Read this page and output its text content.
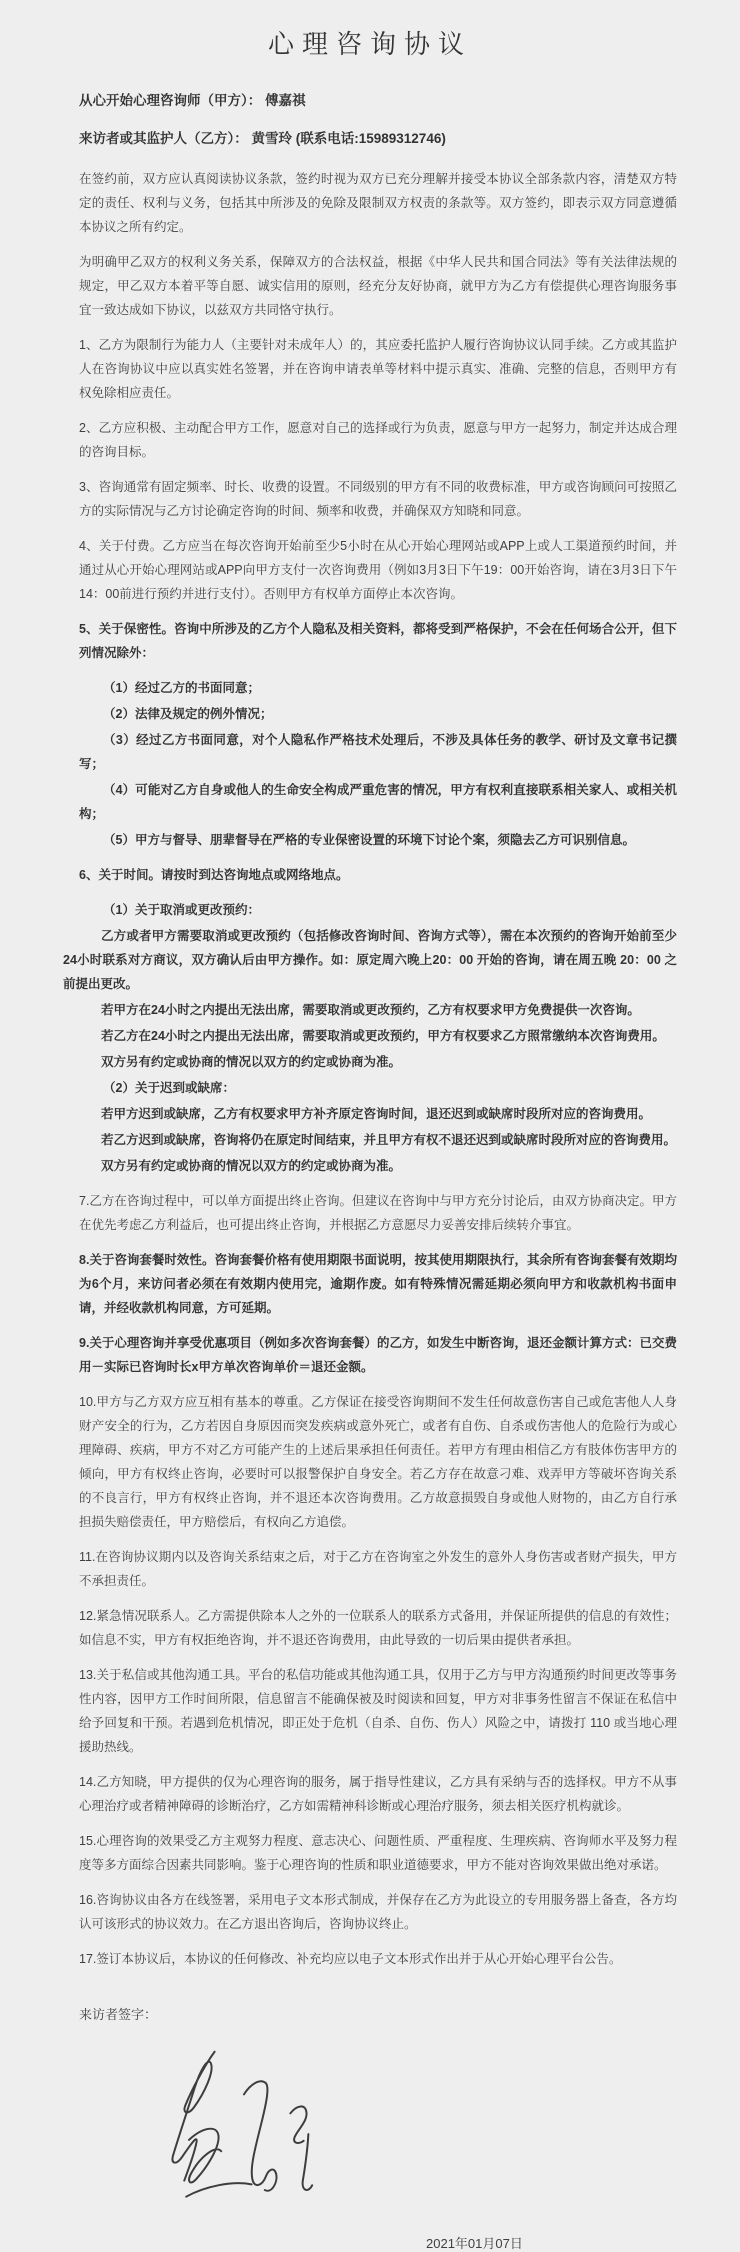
心理咨询协议

从心开始心理咨询师（甲方）： 傅嘉祺

来访者或其监护人（乙方）： 黄雪玲 (联系电话:15989312746)

在签约前，双方应认真阅读协议条款，签约时视为双方已充分理解并接受本协议全部条款内容，清楚双方特定的责任、权利与义务，包括其中所涉及的免除及限制双方权责的条款等。双方签约，即表示双方同意遵循本协议之所有约定。

为明确甲乙双方的权利义务关系，保障双方的合法权益，根据《中华人民共和国合同法》等有关法律法规的规定，甲乙双方本着平等自愿、诚实信用的原则，经充分友好协商，就甲方为乙方有偿提供心理咨询服务事宜一致达成如下协议，以兹双方共同恪守执行。

1、乙方为限制行为能力人（主要针对未成年人）的，其应委托监护人履行咨询协议认同手续。乙方或其监护人在咨询协议中应以真实姓名签署，并在咨询申请表单等材料中提示真实、准确、完整的信息，否则甲方有权免除相应责任。

2、乙方应积极、主动配合甲方工作，愿意对自己的选择或行为负责，愿意与甲方一起努力，制定并达成合理的咨询目标。

3、咨询通常有固定频率、时长、收费的设置。不同级别的甲方有不同的收费标准，甲方或咨询顾问可按照乙方的实际情况与乙方讨论确定咨询的时间、频率和收费，并确保双方知晓和同意。

4、关于付费。乙方应当在每次咨询开始前至少5小时在从心开始心理网站或APP上或人工渠道预约时间，并通过从心开始心理网站或APP向甲方支付一次咨询费用（例如3月3日下午19：00开始咨询，请在3月3日下午14：00前进行预约并进行支付）。否则甲方有权单方面停止本次咨询。

5、关于保密性。咨询中所涉及的乙方个人隐私及相关资料，都将受到严格保护，不会在任何场合公开，但下列情况除外：

（1）经过乙方的书面同意；

（2）法律及规定的例外情况；

（3）经过乙方书面同意，对个人隐私作严格技术处理后，不涉及具体任务的教学、研讨及文章书记撰写；

（4）可能对乙方自身或他人的生命安全构成严重危害的情况，甲方有权利直接联系相关家人、或相关机构；

（5）甲方与督导、朋辈督导在严格的专业保密设置的环境下讨论个案，须隐去乙方可识别信息。

6、关于时间。请按时到达咨询地点或网络地点。

（1）关于取消或更改预约：

乙方或者甲方需要取消或更改预约（包括修改咨询时间、咨询方式等），需在本次预约的咨询开始前至少24小时联系对方商议，双方确认后由甲方操作。如：原定周六晚上20：00 开始的咨询，请在周五晚 20：00 之前提出更改。

若甲方在24小时之内提出无法出席，需要取消或更改预约，乙方有权要求甲方免费提供一次咨询。

若乙方在24小时之内提出无法出席，需要取消或更改预约，甲方有权要求乙方照常缴纳本次咨询费用。

双方另有约定或协商的情况以双方的约定或协商为准。

（2）关于迟到或缺席：

若甲方迟到或缺席，乙方有权要求甲方补齐原定咨询时间，退还迟到或缺席时段所对应的咨询费用。

若乙方迟到或缺席，咨询将仍在原定时间结束，并且甲方有权不退还迟到或缺席时段所对应的咨询费用。

双方另有约定或协商的情况以双方的约定或协商为准。

7.乙方在咨询过程中，可以单方面提出终止咨询。但建议在咨询中与甲方充分讨论后，由双方协商决定。甲方在优先考虑乙方利益后，也可提出终止咨询，并根据乙方意愿尽力妥善安排后续转介事宜。

8.关于咨询套餐时效性。咨询套餐价格有使用期限书面说明，按其使用期限执行，其余所有咨询套餐有效期均为6个月，来访问者必须在有效期内使用完，逾期作废。如有特殊情况需延期必须向甲方和收款机构书面申请，并经收款机构同意，方可延期。

9.关于心理咨询并享受优惠项目（例如多次咨询套餐）的乙方，如发生中断咨询，退还金额计算方式：已交费用－实际已咨询时长x甲方单次咨询单价＝退还金额。

10.甲方与乙方双方应互相有基本的尊重。乙方保证在接受咨询期间不发生任何故意伤害自己或危害他人人身财产安全的行为，乙方若因自身原因而突发疾病或意外死亡，或者有自伤、自杀或伤害他人的危险行为或心理障碍、疾病，甲方不对乙方可能产生的上述后果承担任何责任。若甲方有理由相信乙方有肢体伤害甲方的倾向，甲方有权终止咨询，必要时可以报警保护自身安全。若乙方存在故意刁难、戏弄甲方等破坏咨询关系的不良言行，甲方有权终止咨询，并不退还本次咨询费用。乙方故意损毁自身或他人财物的，由乙方自行承担损失赔偿责任，甲方赔偿后，有权向乙方追偿。

11.在咨询协议期内以及咨询关系结束之后，对于乙方在咨询室之外发生的意外人身伤害或者财产损失，甲方不承担责任。

12.紧急情况联系人。乙方需提供除本人之外的一位联系人的联系方式备用，并保证所提供的信息的有效性；如信息不实，甲方有权拒绝咨询，并不退还咨询费用，由此导致的一切后果由提供者承担。

13.关于私信或其他沟通工具。平台的私信功能或其他沟通工具，仅用于乙方与甲方沟通预约时间更改等事务性内容，因甲方工作时间所限，信息留言不能确保被及时阅读和回复，甲方对非事务性留言不保证在私信中给予回复和干预。若遇到危机情况，即正处于危机（自杀、自伤、伤人）风险之中，请拨打 110 或当地心理援助热线。

14.乙方知晓，甲方提供的仅为心理咨询的服务，属于指导性建议，乙方具有采纳与否的选择权。甲方不从事心理治疗或者精神障碍的诊断治疗，乙方如需精神科诊断或心理治疗服务，须去相关医疗机构就诊。

15.心理咨询的效果受乙方主观努力程度、意志决心、问题性质、严重程度、生理疾病、咨询师水平及努力程度等多方面综合因素共同影响。鉴于心理咨询的性质和职业道德要求，甲方不能对咨询效果做出绝对承诺。

16.咨询协议由各方在线签署，采用电子文本形式制成，并保存在乙方为此设立的专用服务器上备查，各方均认可该形式的协议效力。在乙方退出咨询后，咨询协议终止。

17.签订本协议后，本协议的任何修改、补充均应以电子文本形式作出并于从心开始心理平台公告。

来访者签字：

2021年01月07日
